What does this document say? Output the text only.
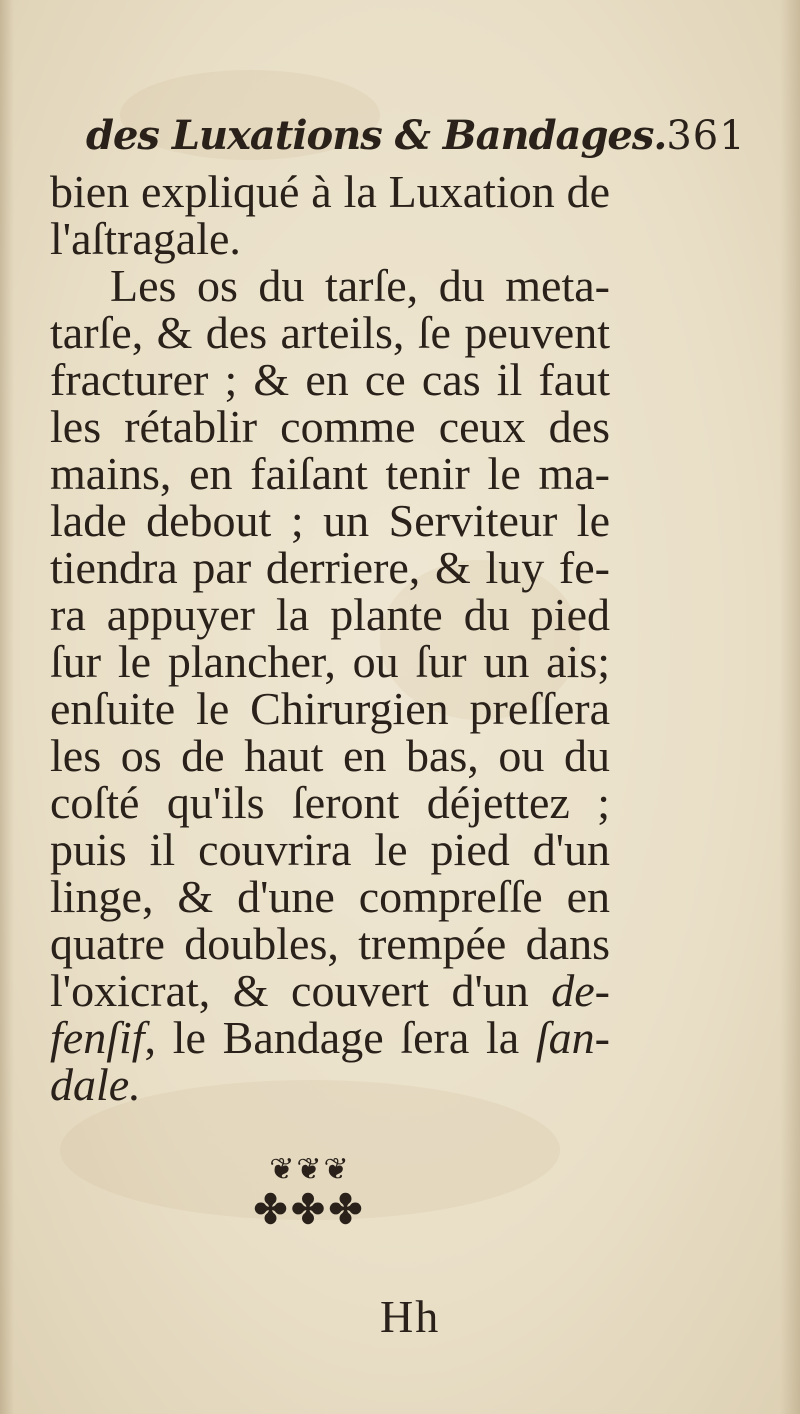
des Luxations & Bandages.361
bien expliqué à la Luxation de
l'aſtragale.
Les os du tarſe, du meta-
tarſe, & des arteils, ſe peuvent
fracturer ; & en ce cas il faut
les rétablir comme ceux des
mains, en faiſant tenir le ma-
lade debout ; un Serviteur le
tiendra par derriere, & luy fe-
ra appuyer la plante du pied
ſur le plancher, ou ſur un ais;
enſuite le Chirurgien preſſera
les os de haut en bas, ou du
coſté qu'ils ſeront déjettez ;
puis il couvrira le pied d'un
linge, & d'une compreſſe en
quatre doubles, trempée dans
l'oxicrat, & couvert d'un de-
fenſif, le Bandage ſera la ſan-
dale.
❦❦❦
✤✤✤
Hh
